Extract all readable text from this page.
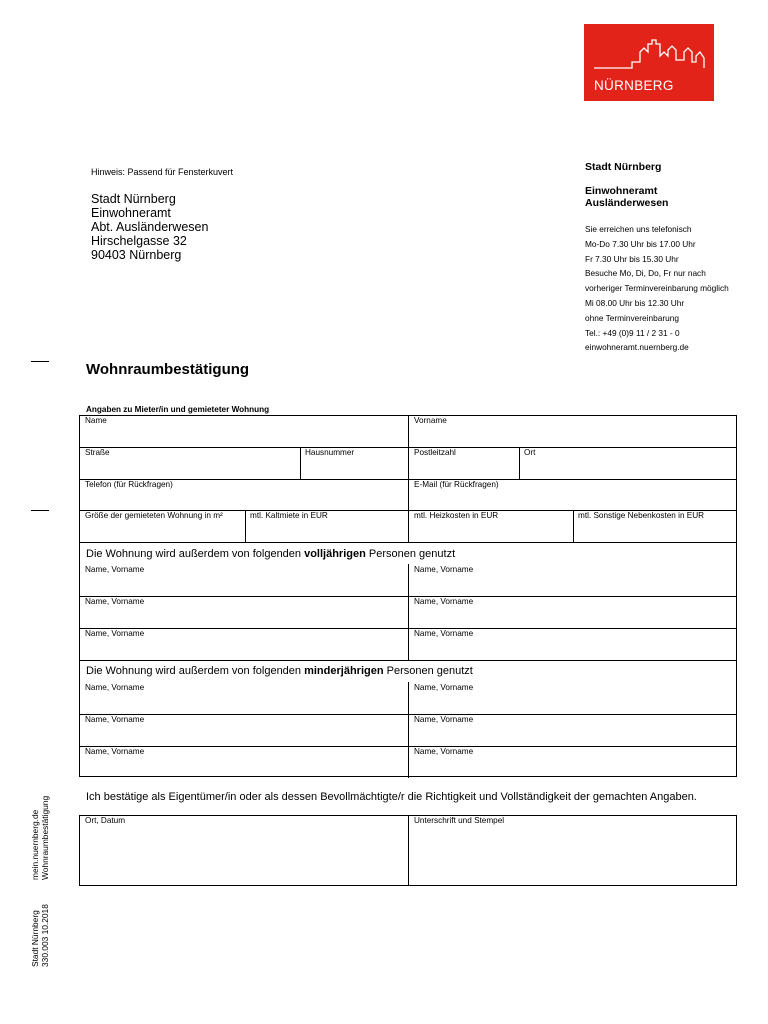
NÜRNBERG
Hinweis: Passend für Fensterkuvert
Stadt Nürnberg
Einwohneramt
Abt. Ausländerwesen
Hirschelgasse 32
90403 Nürnberg
Stadt Nürnberg
Einwohneramt
Ausländerwesen
Sie erreichen uns telefonisch
Mo-Do 7.30 Uhr bis 17.00 Uhr
Fr 7.30 Uhr bis 15.30 Uhr
Besuche Mo, Di, Do, Fr nur nach
vorheriger Terminvereinbarung möglich
Mi 08.00 Uhr bis 12.30 Uhr
ohne Terminvereinbarung
Tel.: +49 (0)9 11 / 2 31 - 0
einwohneramt.nuernberg.de
Wohnraumbestätigung
Angaben zu Mieter/in und gemieteter Wohnung
Name	Vorname
Straße	Hausnummer	Postleitzahl	Ort
Telefon (für Rückfragen)	E-Mail (für Rückfragen)
Größe der gemieteten Wohnung in m²	mtl. Kaltmiete in EUR	mtl. Heizkosten in EUR	mtl. Sonstige Nebenkosten in EUR
Die Wohnung wird außerdem von folgenden volljährigen Personen genutzt
Name, Vorname	Name, Vorname
Name, Vorname	Name, Vorname
Name, Vorname	Name, Vorname
Die Wohnung wird außerdem von folgenden minderjährigen Personen genutzt
Name, Vorname	Name, Vorname
Name, Vorname	Name, Vorname
Name, Vorname	Name, Vorname
Ich bestätige als Eigentümer/in oder als dessen Bevollmächtigte/r die Richtigkeit und Vollständigkeit der gemachten Angaben.
Ort, Datum	Unterschrift und Stempel
mein.nuernberg.de Wohnraumbestätigung
Stadt Nürnberg 330.003 10.2018
